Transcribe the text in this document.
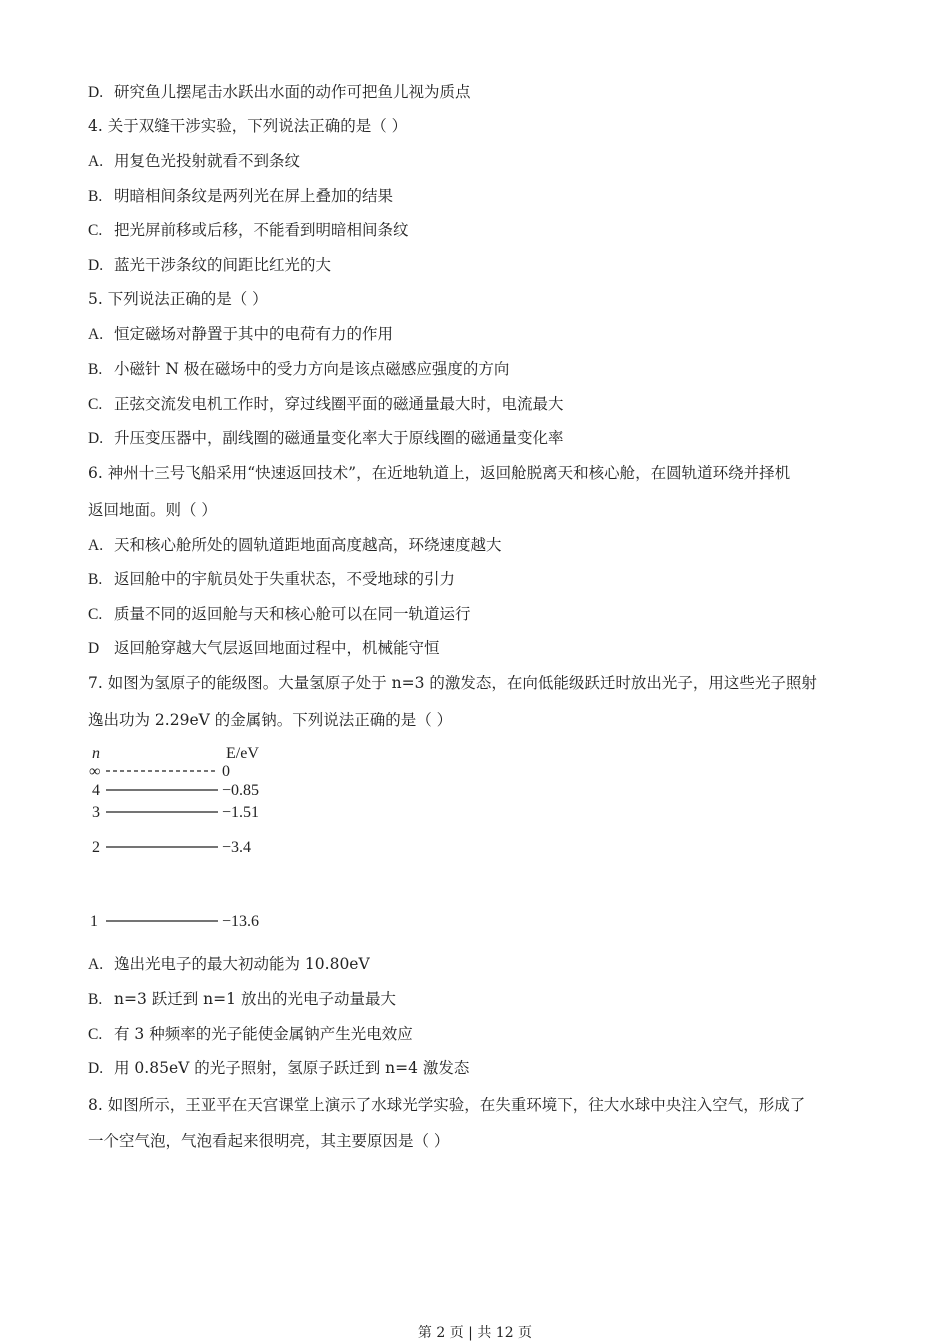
D. 研究鱼儿摆尾击水跃出水面的动作可把鱼儿视为质点
4. 关于双缝干涉实验，下列说法正确的是（ ）
A. 用复色光投射就看不到条纹
B. 明暗相间条纹是两列光在屏上叠加的结果
C. 把光屏前移或后移，不能看到明暗相间条纹
D. 蓝光干涉条纹的间距比红光的大
5. 下列说法正确的是（ ）
A. 恒定磁场对静置于其中的电荷有力的作用
B. 小磁针 N 极在磁场中的受力方向是该点磁感应强度的方向
C. 正弦交流发电机工作时，穿过线圈平面的磁通量最大时，电流最大
D. 升压变压器中，副线圈的磁通量变化率大于原线圈的磁通量变化率
6. 神州十三号飞船采用“快速返回技术”，在近地轨道上，返回舱脱离天和核心舱，在圆轨道环绕并择机
返回地面。则（ ）
A. 天和核心舱所处的圆轨道距地面高度越高，环绕速度越大
B. 返回舱中的宇航员处于失重状态，不受地球的引力
C. 质量不同的返回舱与天和核心舱可以在同一轨道运行
D 返回舱穿越大气层返回地面过程中，机械能守恒
7. 如图为氢原子的能级图。大量氢原子处于 n=3 的激发态，在向低能级跃迁时放出光子，用这些光子照射
逸出功为 2.29eV 的金属钠。下列说法正确的是（ ）
n	E/eV
∞	0
4	−0.85
3	−1.51
2	−3.4
1	−13.6
A. 逸出光电子的最大初动能为 10.80eV
B. n=3 跃迁到 n=1 放出的光电子动量最大
C. 有 3 种频率的光子能使金属钠产生光电效应
D. 用 0.85eV 的光子照射，氢原子跃迁到 n=4 激发态
8. 如图所示，王亚平在天宫课堂上演示了水球光学实验，在失重环境下，往大水球中央注入空气，形成了
一个空气泡，气泡看起来很明亮，其主要原因是（ ）
第 2 页 | 共 12 页
